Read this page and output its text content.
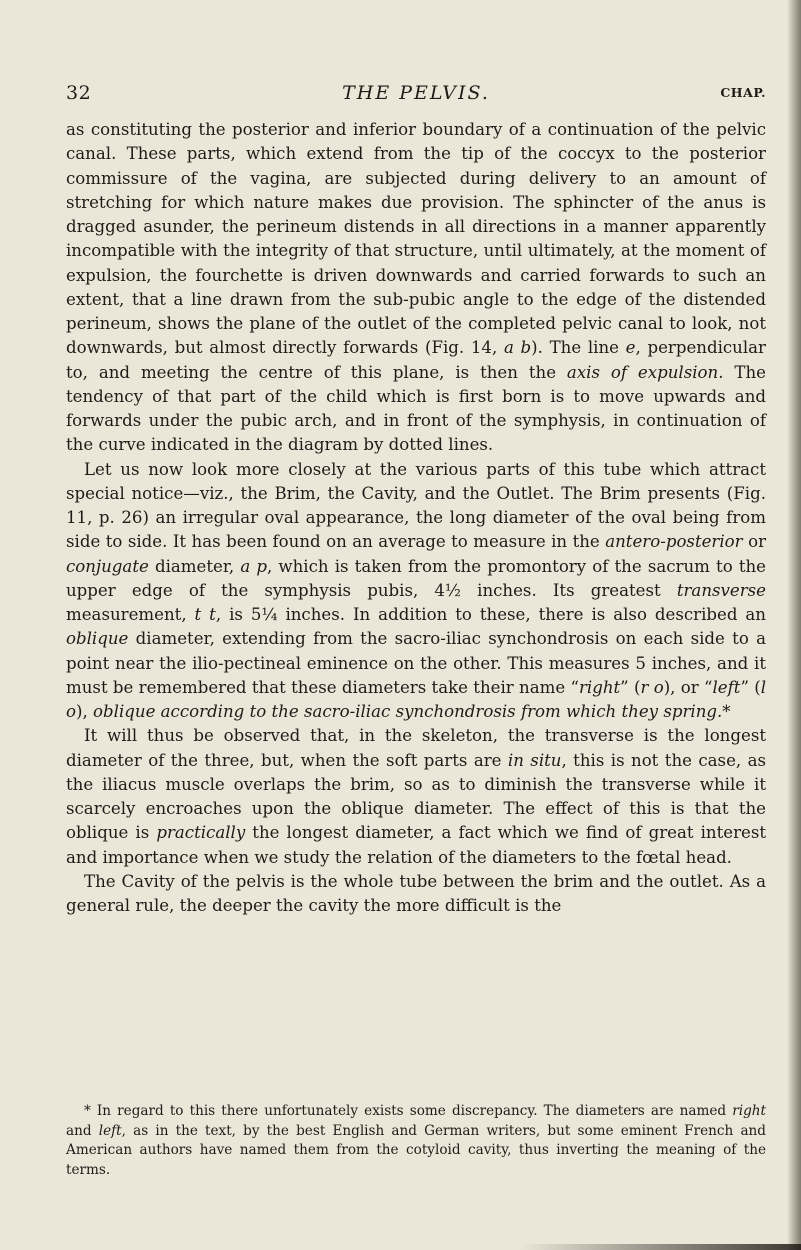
32	THE PELVIS.	CHAP.

as constituting the posterior and inferior boundary of a continuation of the pelvic canal. These parts, which extend from the tip of the coccyx to the posterior commissure of the vagina, are subjected during delivery to an amount of stretching for which nature makes due provision. The sphincter of the anus is dragged asunder, the perineum distends in all directions in a manner apparently incompatible with the integrity of that structure, until ultimately, at the moment of expulsion, the fourchette is driven downwards and carried forwards to such an extent, that a line drawn from the sub-pubic angle to the edge of the distended perineum, shows the plane of the outlet of the completed pelvic canal to look, not downwards, but almost directly forwards (Fig. 14, a b). The line e, perpendicular to, and meeting the centre of this plane, is then the axis of expulsion. The tendency of that part of the child which is first born is to move upwards and forwards under the pubic arch, and in front of the symphysis, in continuation of the curve indicated in the diagram by dotted lines.

Let us now look more closely at the various parts of this tube which attract special notice—viz., the Brim, the Cavity, and the Outlet. The Brim presents (Fig. 11, p. 26) an irregular oval appearance, the long diameter of the oval being from side to side. It has been found on an average to measure in the antero-posterior or conjugate diameter, a p, which is taken from the promontory of the sacrum to the upper edge of the symphysis pubis, 4½ inches. Its greatest transverse measurement, t t, is 5¼ inches. In addition to these, there is also described an oblique diameter, extending from the sacro-iliac synchondrosis on each side to a point near the ilio-pectineal eminence on the other. This measures 5 inches, and it must be remembered that these diameters take their name “right” (r o), or “left” (l o), oblique according to the sacro-iliac synchondrosis from which they spring.*

It will thus be observed that, in the skeleton, the transverse is the longest diameter of the three, but, when the soft parts are in situ, this is not the case, as the iliacus muscle overlaps the brim, so as to diminish the transverse while it scarcely encroaches upon the oblique diameter. The effect of this is that the oblique is practically the longest diameter, a fact which we find of great interest and importance when we study the relation of the diameters to the fœtal head.

The Cavity of the pelvis is the whole tube between the brim and the outlet. As a general rule, the deeper the cavity the more difficult is the

* In regard to this there unfortunately exists some discrepancy. The diameters are named right and left, as in the text, by the best English and German writers, but some eminent French and American authors have named them from the cotyloid cavity, thus inverting the meaning of the terms.
